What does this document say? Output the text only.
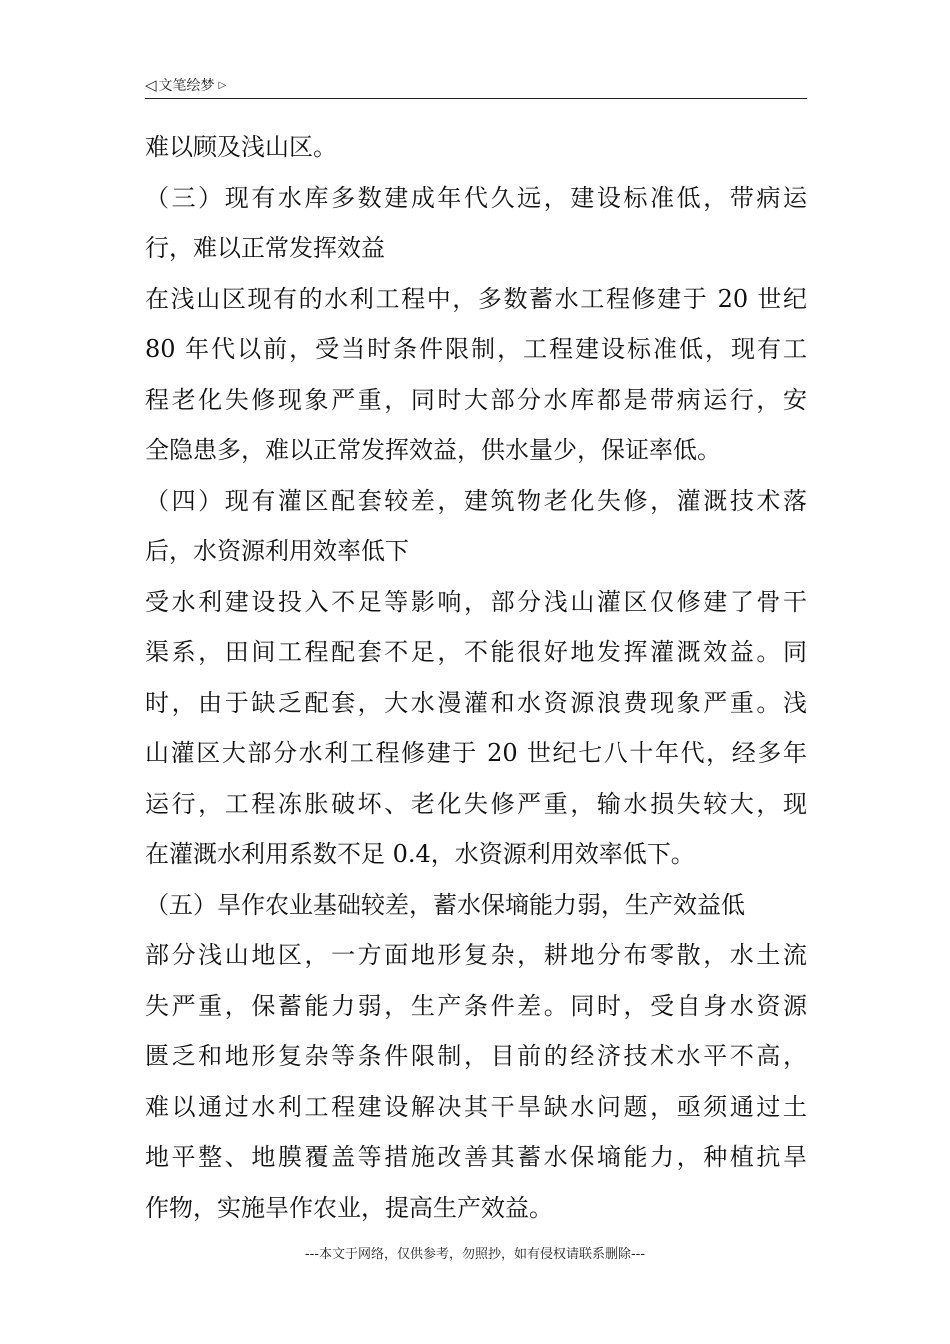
◁ 文笔绘梦 ▷
难以顾及浅山区。
（三）现有水库多数建成年代久远，建设标准低，带病运
行，难以正常发挥效益
在浅山区现有的水利工程中，多数蓄水工程修建于 20 世纪
80 年代以前，受当时条件限制，工程建设标准低，现有工
程老化失修现象严重，同时大部分水库都是带病运行，安
全隐患多，难以正常发挥效益，供水量少，保证率低。
（四）现有灌区配套较差，建筑物老化失修，灌溉技术落
后，水资源利用效率低下
受水利建设投入不足等影响，部分浅山灌区仅修建了骨干
渠系，田间工程配套不足，不能很好地发挥灌溉效益。同
时，由于缺乏配套，大水漫灌和水资源浪费现象严重。浅
山灌区大部分水利工程修建于 20 世纪七八十年代，经多年
运行，工程冻胀破坏、老化失修严重，输水损失较大，现
在灌溉水利用系数不足 0.4，水资源利用效率低下。
（五）旱作农业基础较差，蓄水保墒能力弱，生产效益低
部分浅山地区，一方面地形复杂，耕地分布零散，水土流
失严重，保蓄能力弱，生产条件差。同时，受自身水资源
匮乏和地形复杂等条件限制，目前的经济技术水平不高，
难以通过水利工程建设解决其干旱缺水问题，亟须通过土
地平整、地膜覆盖等措施改善其蓄水保墒能力，种植抗旱
作物，实施旱作农业，提高生产效益。
---本文于网络，仅供参考，勿照抄，如有侵权请联系删除---
